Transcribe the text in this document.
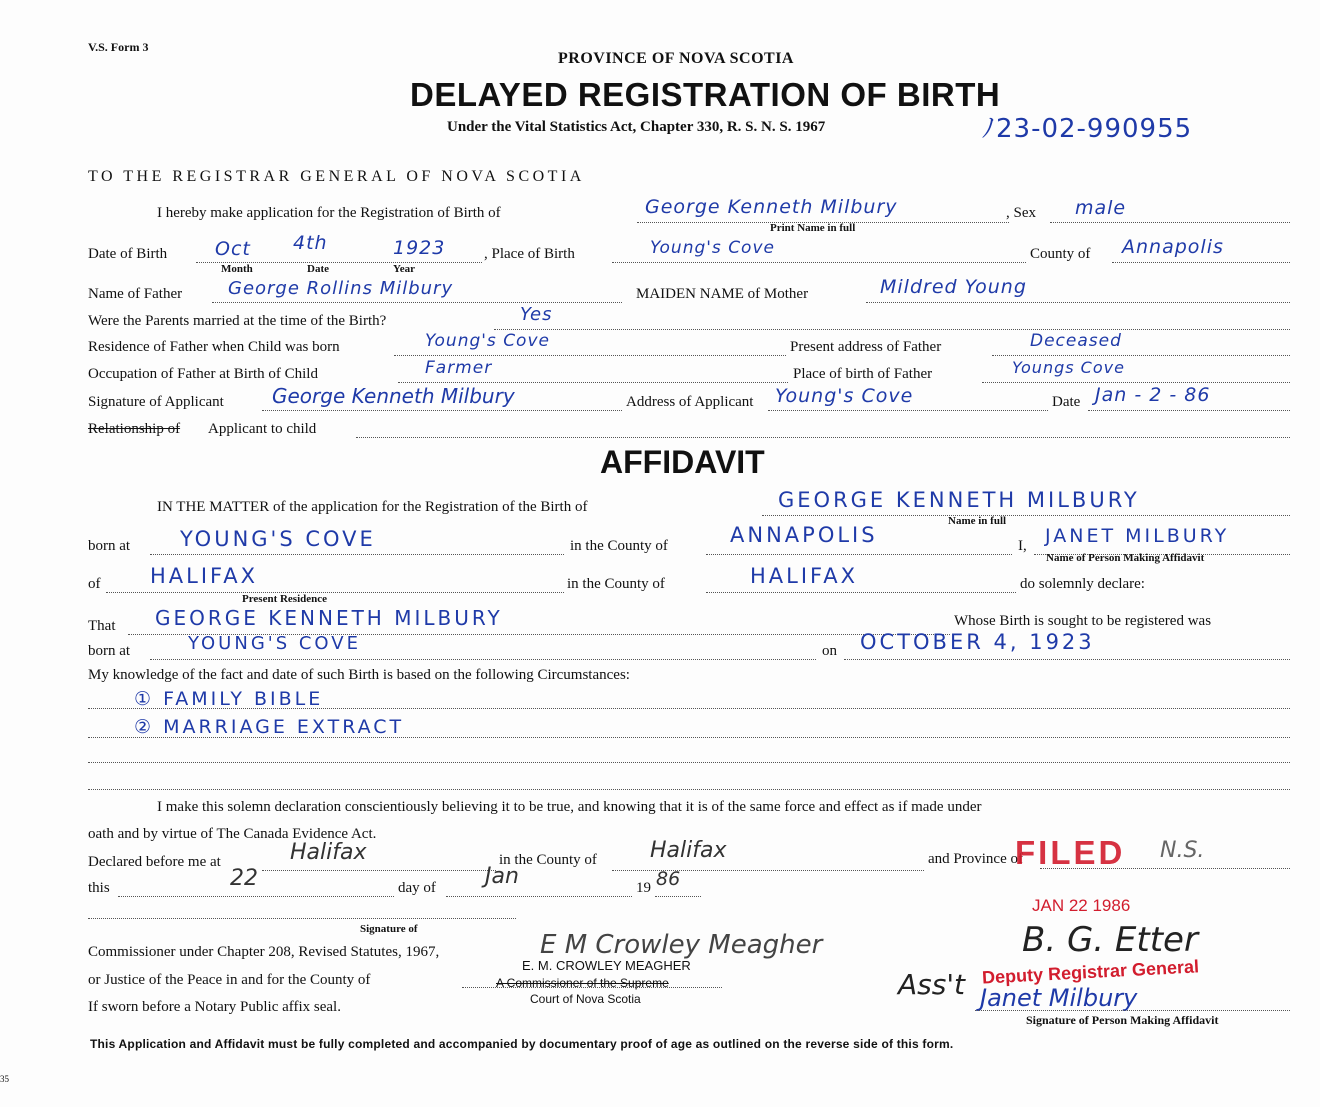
V.S. Form 3
PROVINCE OF NOVA SCOTIA
DELAYED REGISTRATION OF BIRTH
Under the Vital Statistics Act, Chapter 330, R. S. N. S. 1967	ﾉ23-02-990955
TO THE REGISTRAR GENERAL OF NOVA SCOTIA
I hereby make application for the Registration of Birth of	George Kenneth Milbury
Print Name in full
, Sex male
Date of Birth	Oct 4th	1923
Month	Date	Year
, Place of Birth	Young's Cove	County of Annapolis
Name of Father	George Rollins Milbury	MAIDEN NAME of Mother	Mildred Young
Were the Parents married at the time of the Birth?	Yes
Residence of Father when Child was born	Young's Cove	Present address of Father	Deceased
Occupation of Father at Birth of Child	Farmer	Place of birth of Father	Youngs Cove
Signature of Applicant George Kenneth Milbury	Address of Applicant Young's Cove	Date Jan - 2 - 86
Relationship of Applicant to child
AFFIDAVIT
IN THE MATTER of the application for the Registration of the Birth of	GEORGE KENNETH MILBURY
Name in full
born at YOUNG'S COVE	in the County of	ANNAPOLIS	I, JANET MILBURY
Name of Person Making Affidavit
of HALIFAX
Present Residence
in the County of	HALIFAX	do solemnly declare:
That GEORGE KENNETH MILBURY	Whose Birth is sought to be registered was
born at	YOUNG'S COVE	on OCTOBER 4, 1923
My knowledge of the fact and date of such Birth is based on the following Circumstances:
① FAMILY BIBLE
② MARRIAGE EXTRACT
I make this solemn declaration conscientiously believing it to be true, and knowing that it is of the same force and effect as if made under
oath and by virtue of The Canada Evidence Act.
Declared before me at	Halifax	in the County of Halifax	and Province of	N.S.
FILED
this	22	day of Jan	19 86
JAN 22 1986
Signature of
Commissioner under Chapter 208, Revised Statutes, 1967,
or Justice of the Peace in and for the County of
If sworn before a Notary Public affix seal.
E M Crowley Meagher
E. M. CROWLEY MEAGHER
A Commissioner of the Supreme
Court of Nova Scotia
B. G. Etter
Deputy Registrar General
Ass't Janet Milbury
Signature of Person Making Affidavit
This Application and Affidavit must be fully completed and accompanied by documentary proof of age as outlined on the reverse side of this form.
35
